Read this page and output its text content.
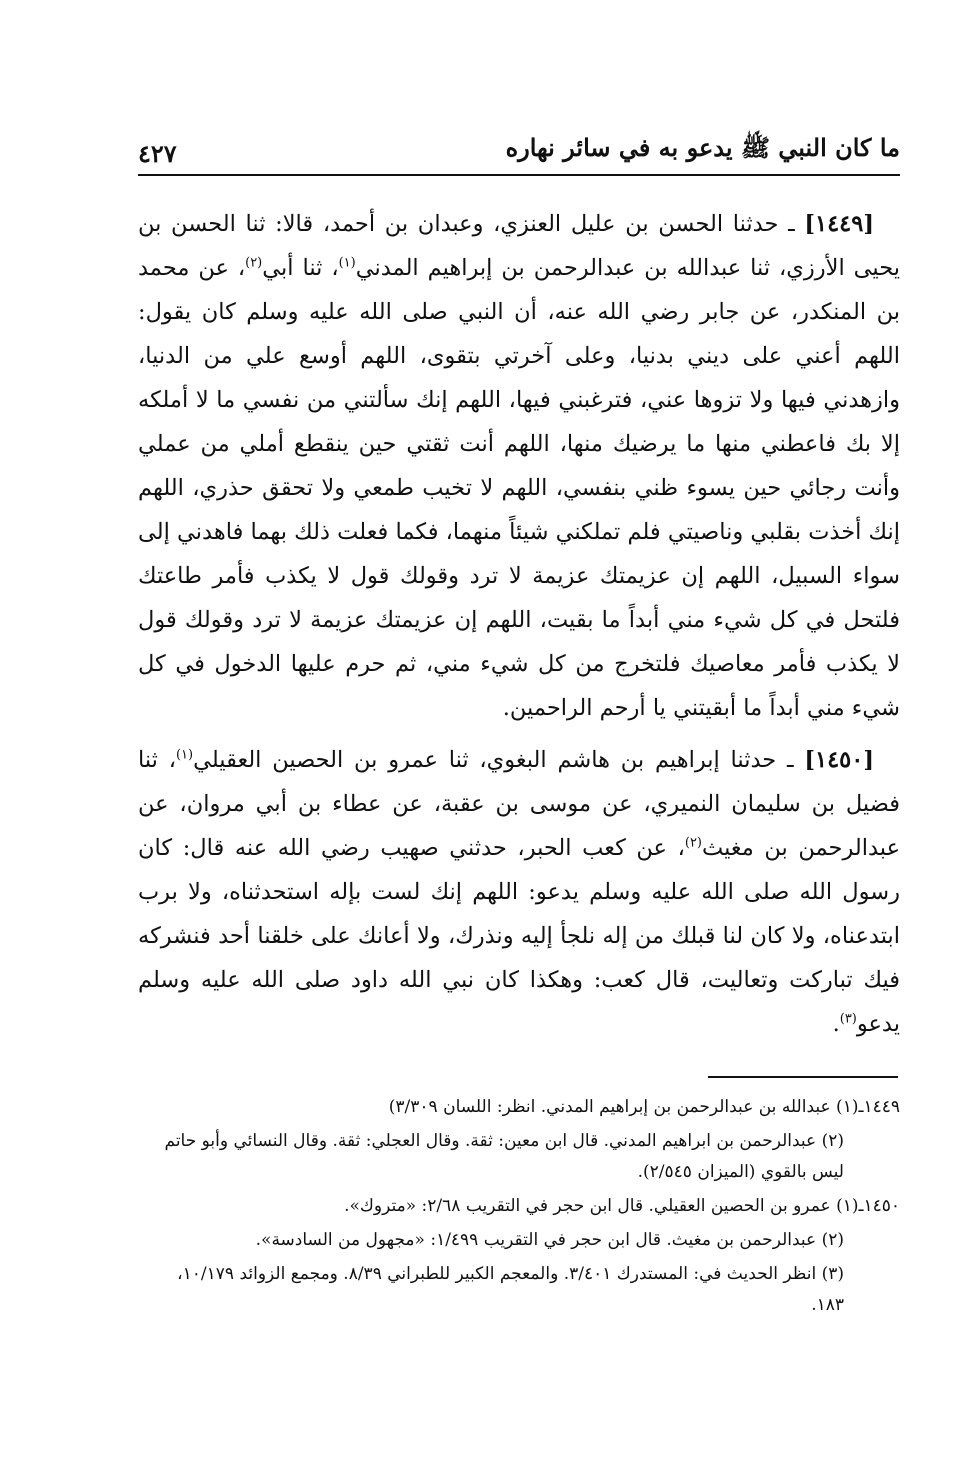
ما كان النبي ﷺ يدعو به في سائر نهاره
٤٢٧

[١٤٤٩] ـ حدثنا الحسن بن عليل العنزي، وعبدان بن أحمد، قالا: ثنا الحسن بن يحيى الأرزي، ثنا عبدالله بن عبدالرحمن بن إبراهيم المدني$^{(١)}$، ثنا أبي$^{(٢)}$، عن محمد بن المنكدر، عن جابر رضي الله عنه، أن النبي صلى الله عليه وسلم كان يقول: اللهم أعني على ديني بدنيا، وعلى آخرتي بتقوى، اللهم أوسع علي من الدنيا، وازهدني فيها ولا تزوها عني، فترغبني فيها، اللهم إنك سألتني من نفسي ما لا أملكه إلا بك فاعطني منها ما يرضيك منها، اللهم أنت ثقتي حين ينقطع أملي من عملي وأنت رجائي حين يسوء ظني بنفسي، اللهم لا تخيب طمعي ولا تحقق حذري، اللهم إنك أخذت بقلبي وناصيتي فلم تملكني شيئاً منهما، فكما فعلت ذلك بهما فاهدني إلى سواء السبيل، اللهم إن عزيمتك عزيمة لا ترد وقولك قول لا يكذب فأمر طاعتك فلتحل في كل شيء مني أبداً ما بقيت، اللهم إن عزيمتك عزيمة لا ترد وقولك قول لا يكذب فأمر معاصيك فلتخرج من كل شيء مني، ثم حرم عليها الدخول في كل شيء مني أبداً ما أبقيتني يا أرحم الراحمين.

[١٤٥٠] ـ حدثنا إبراهيم بن هاشم البغوي، ثنا عمرو بن الحصين العقيلي$^{(١)}$، ثنا فضيل بن سليمان النميري، عن موسى بن عقبة، عن عطاء بن أبي مروان، عن عبدالرحمن بن مغيث$^{(٢)}$، عن كعب الحبر، حدثني صهيب رضي الله عنه قال: كان رسول الله صلى الله عليه وسلم يدعو: اللهم إنك لست بإله استحدثناه، ولا برب ابتدعناه، ولا كان لنا قبلك من إله نلجأ إليه ونذرك، ولا أعانك على خلقنا أحد فنشركه فيك تباركت وتعاليت، قال كعب: وهكذا كان نبي الله داود صلى الله عليه وسلم يدعو$^{(٣)}$.

١٤٤٩ـ(١) عبدالله بن عبدالرحمن بن إبراهيم المدني. انظر: اللسان ٣/٣٠٩)

(٢) عبدالرحمن بن ابراهيم المدني. قال ابن معين: ثقة. وقال العجلي: ثقة. وقال النسائي وأبو حاتم
ليس بالقوي (الميزان ٢/٥٤٥).

١٤٥٠ـ(١) عمرو بن الحصين العقيلي. قال ابن حجر في التقريب ٢/٦٨: «متروك».

(٢) عبدالرحمن بن مغيث. قال ابن حجر في التقريب ١/٤٩٩: «مجهول من السادسة».

(٣) انظر الحديث في: المستدرك ٣/٤٠١. والمعجم الكبير للطبراني ٨/٣٩. ومجمع الزوائد ١٠/١٧٩،
١٨٣.
